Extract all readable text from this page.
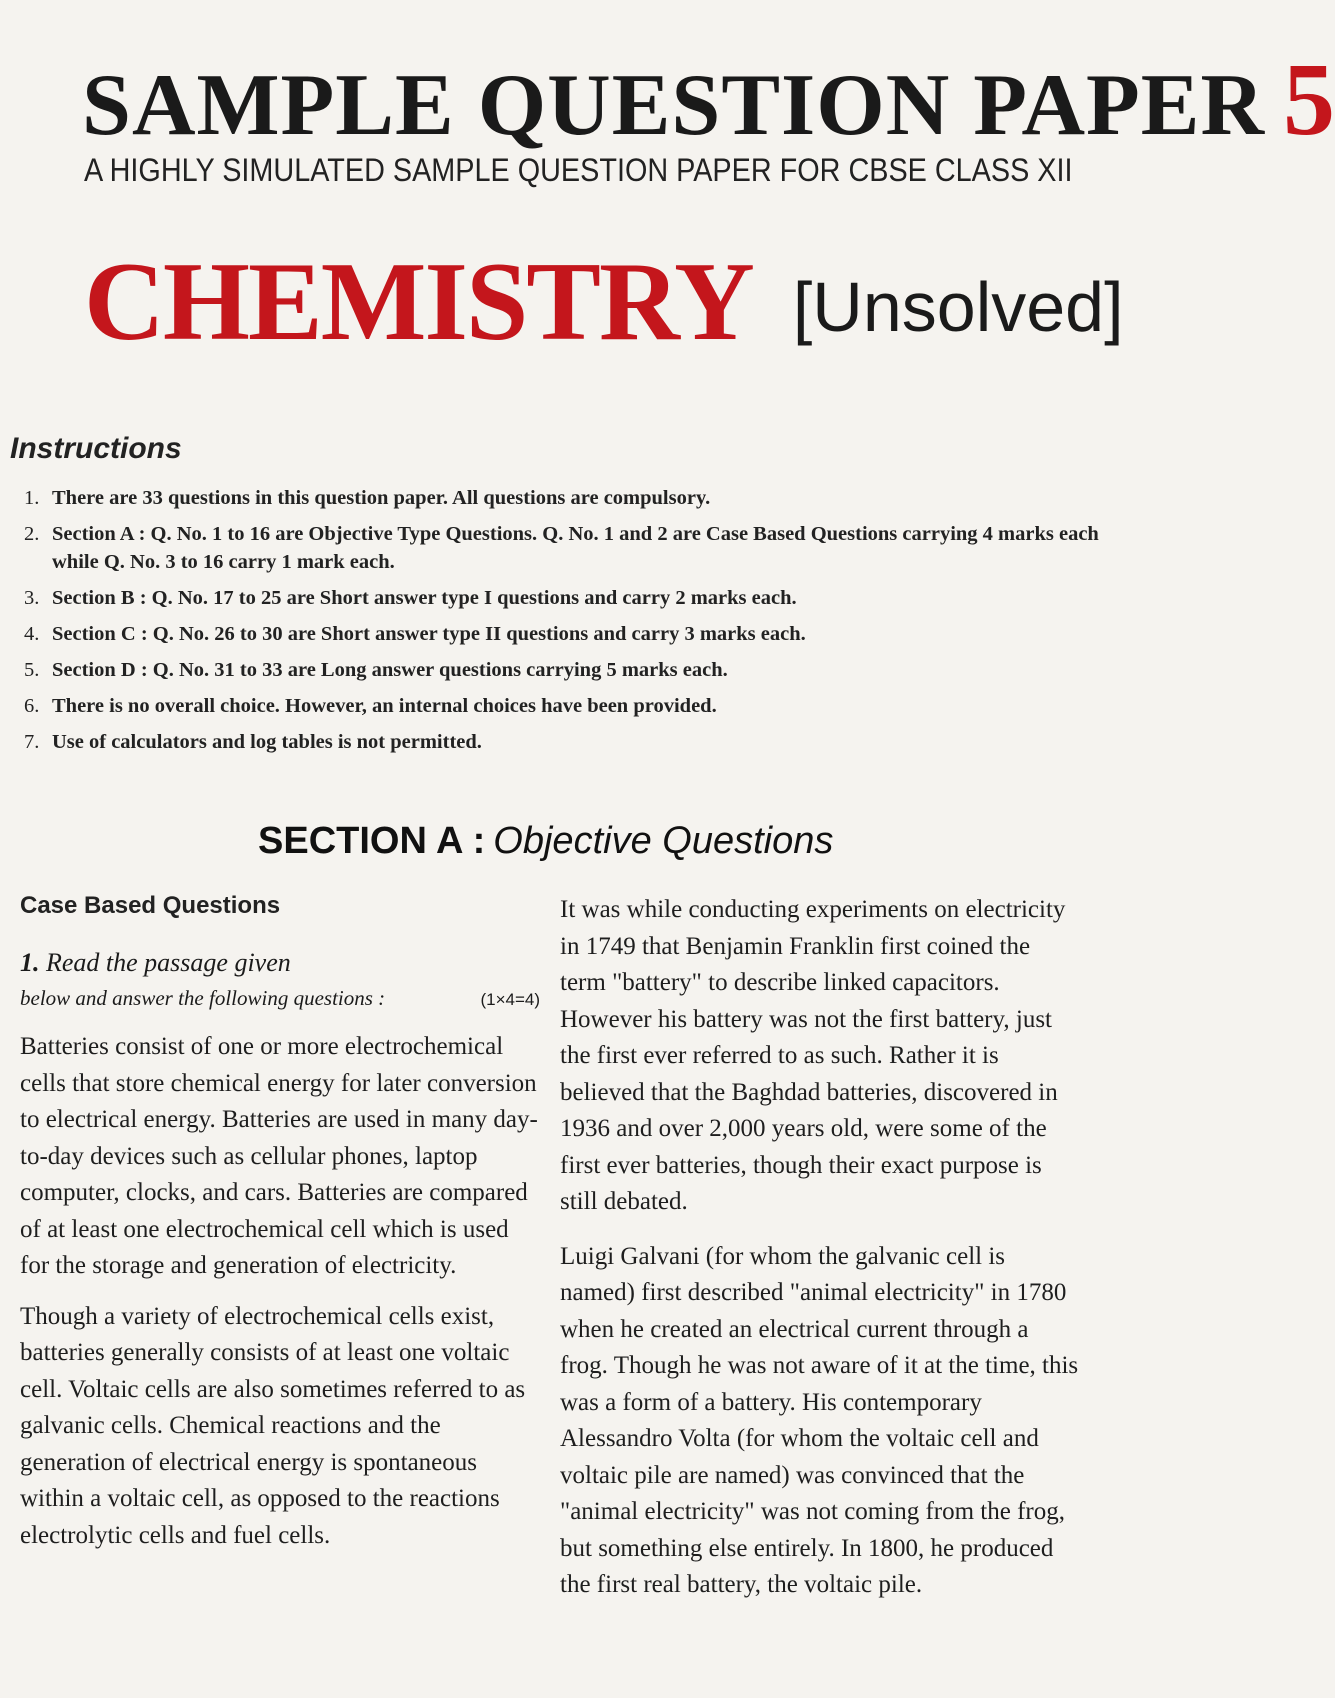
SAMPLE QUESTION PAPER 5
A HIGHLY SIMULATED SAMPLE QUESTION PAPER FOR CBSE CLASS XII
CHEMISTRY [Unsolved]
Instructions
1. There are 33 questions in this question paper. All questions are compulsory.
2. Section A : Q. No. 1 to 16 are Objective Type Questions. Q. No. 1 and 2 are Case Based Questions carrying 4 marks each while Q. No. 3 to 16 carry 1 mark each.
3. Section B : Q. No. 17 to 25 are Short answer type I questions and carry 2 marks each.
4. Section C : Q. No. 26 to 30 are Short answer type II questions and carry 3 marks each.
5. Section D : Q. No. 31 to 33 are Long answer questions carrying 5 marks each.
6. There is no overall choice. However, an internal choices have been provided.
7. Use of calculators and log tables is not permitted.
SECTION A : Objective Questions
Case Based Questions
1. Read the passage given
below and answer the following questions :	(1×4=4)

Batteries consist of one or more electrochemical cells that store chemical energy for later conversion to electrical energy. Batteries are used in many day-to-day devices such as cellular phones, laptop computer, clocks, and cars. Batteries are compared of at least one electrochemical cell which is used for the storage and generation of electricity.

Though a variety of electrochemical cells exist, batteries generally consists of at least one voltaic cell. Voltaic cells are also sometimes referred to as galvanic cells. Chemical reactions and the generation of electrical energy is spontaneous within a voltaic cell, as opposed to the reactions electrolytic cells and fuel cells.

It was while conducting experiments on electricity in 1749 that Benjamin Franklin first coined the term "battery" to describe linked capacitors. However his battery was not the first battery, just the first ever referred to as such. Rather it is believed that the Baghdad batteries, discovered in 1936 and over 2,000 years old, were some of the first ever batteries, though their exact purpose is still debated.

Luigi Galvani (for whom the galvanic cell is named) first described "animal electricity" in 1780 when he created an electrical current through a frog. Though he was not aware of it at the time, this was a form of a battery. His contemporary Alessandro Volta (for whom the voltaic cell and voltaic pile are named) was convinced that the "animal electricity" was not coming from the frog, but something else entirely. In 1800, he produced the first real battery, the voltaic pile.
